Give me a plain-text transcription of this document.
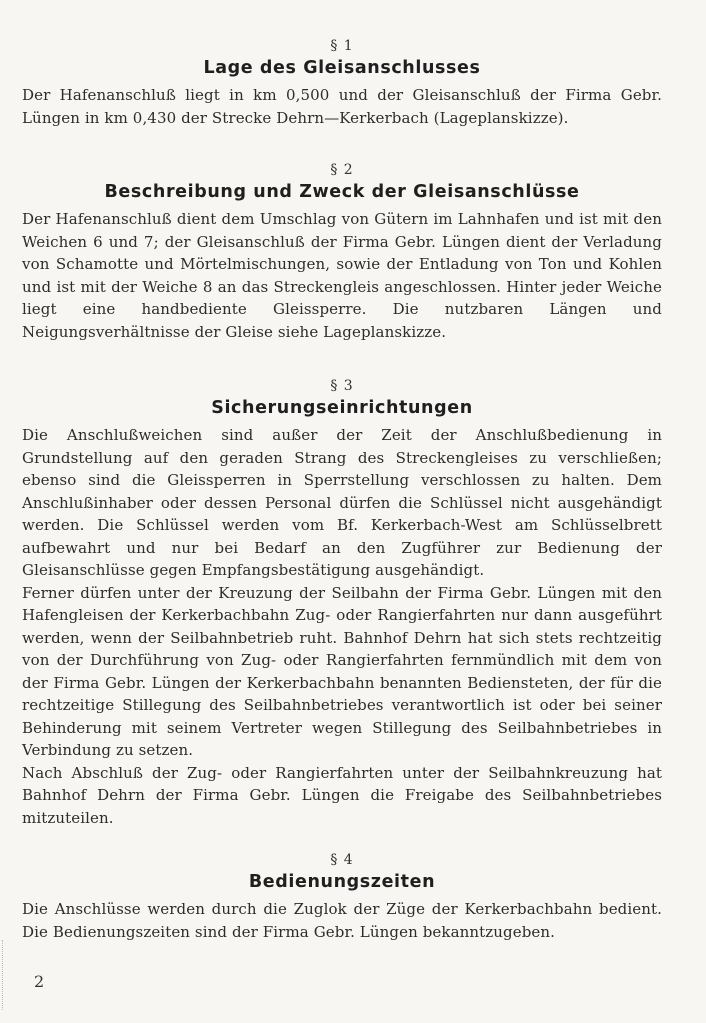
§ 1
Lage des Gleisanschlusses

Der Hafenanschluß liegt in km 0,500 und der Gleisanschluß der Firma Gebr. Lüngen in km 0,430 der Strecke Dehrn—Kerkerbach (Lageplanskizze).

§ 2
Beschreibung und Zweck der Gleisanschlüsse

Der Hafenanschluß dient dem Umschlag von Gütern im Lahnhafen und ist mit den Weichen 6 und 7; der Gleisanschluß der Firma Gebr. Lüngen dient der Verladung von Schamotte und Mörtelmischungen, sowie der Entladung von Ton und Kohlen und ist mit der Weiche 8 an das Streckengleis angeschlossen. Hinter jeder Weiche liegt eine handbediente Gleissperre. Die nutzbaren Längen und Neigungsverhältnisse der Gleise siehe Lageplanskizze.

§ 3
Sicherungseinrichtungen

Die Anschlußweichen sind außer der Zeit der Anschlußbedienung in Grundstellung auf den geraden Strang des Streckengleises zu verschließen; ebenso sind die Gleissperren in Sperrstellung verschlossen zu halten. Dem Anschlußinhaber oder dessen Personal dürfen die Schlüssel nicht ausgehändigt werden. Die Schlüssel werden vom Bf. Kerkerbach-West am Schlüsselbrett aufbewahrt und nur bei Bedarf an den Zugführer zur Bedienung der Gleisanschlüsse gegen Empfangsbestätigung ausgehändigt.

Ferner dürfen unter der Kreuzung der Seilbahn der Firma Gebr. Lüngen mit den Hafengleisen der Kerkerbachbahn Zug- oder Rangierfahrten nur dann ausgeführt werden, wenn der Seilbahnbetrieb ruht. Bahnhof Dehrn hat sich stets rechtzeitig von der Durchführung von Zug- oder Rangierfahrten fernmündlich mit dem von der Firma Gebr. Lüngen der Kerkerbachbahn benannten Bediensteten, der für die rechtzeitige Stillegung des Seilbahnbetriebes verantwortlich ist oder bei seiner Behinderung mit seinem Vertreter wegen Stillegung des Seilbahnbetriebes in Verbindung zu setzen.

Nach Abschluß der Zug- oder Rangierfahrten unter der Seilbahnkreuzung hat Bahnhof Dehrn der Firma Gebr. Lüngen die Freigabe des Seilbahnbetriebes mitzuteilen.

§ 4
Bedienungszeiten

Die Anschlüsse werden durch die Zuglok der Züge der Kerkerbachbahn bedient. Die Bedienungszeiten sind der Firma Gebr. Lüngen bekanntzugeben.

2
